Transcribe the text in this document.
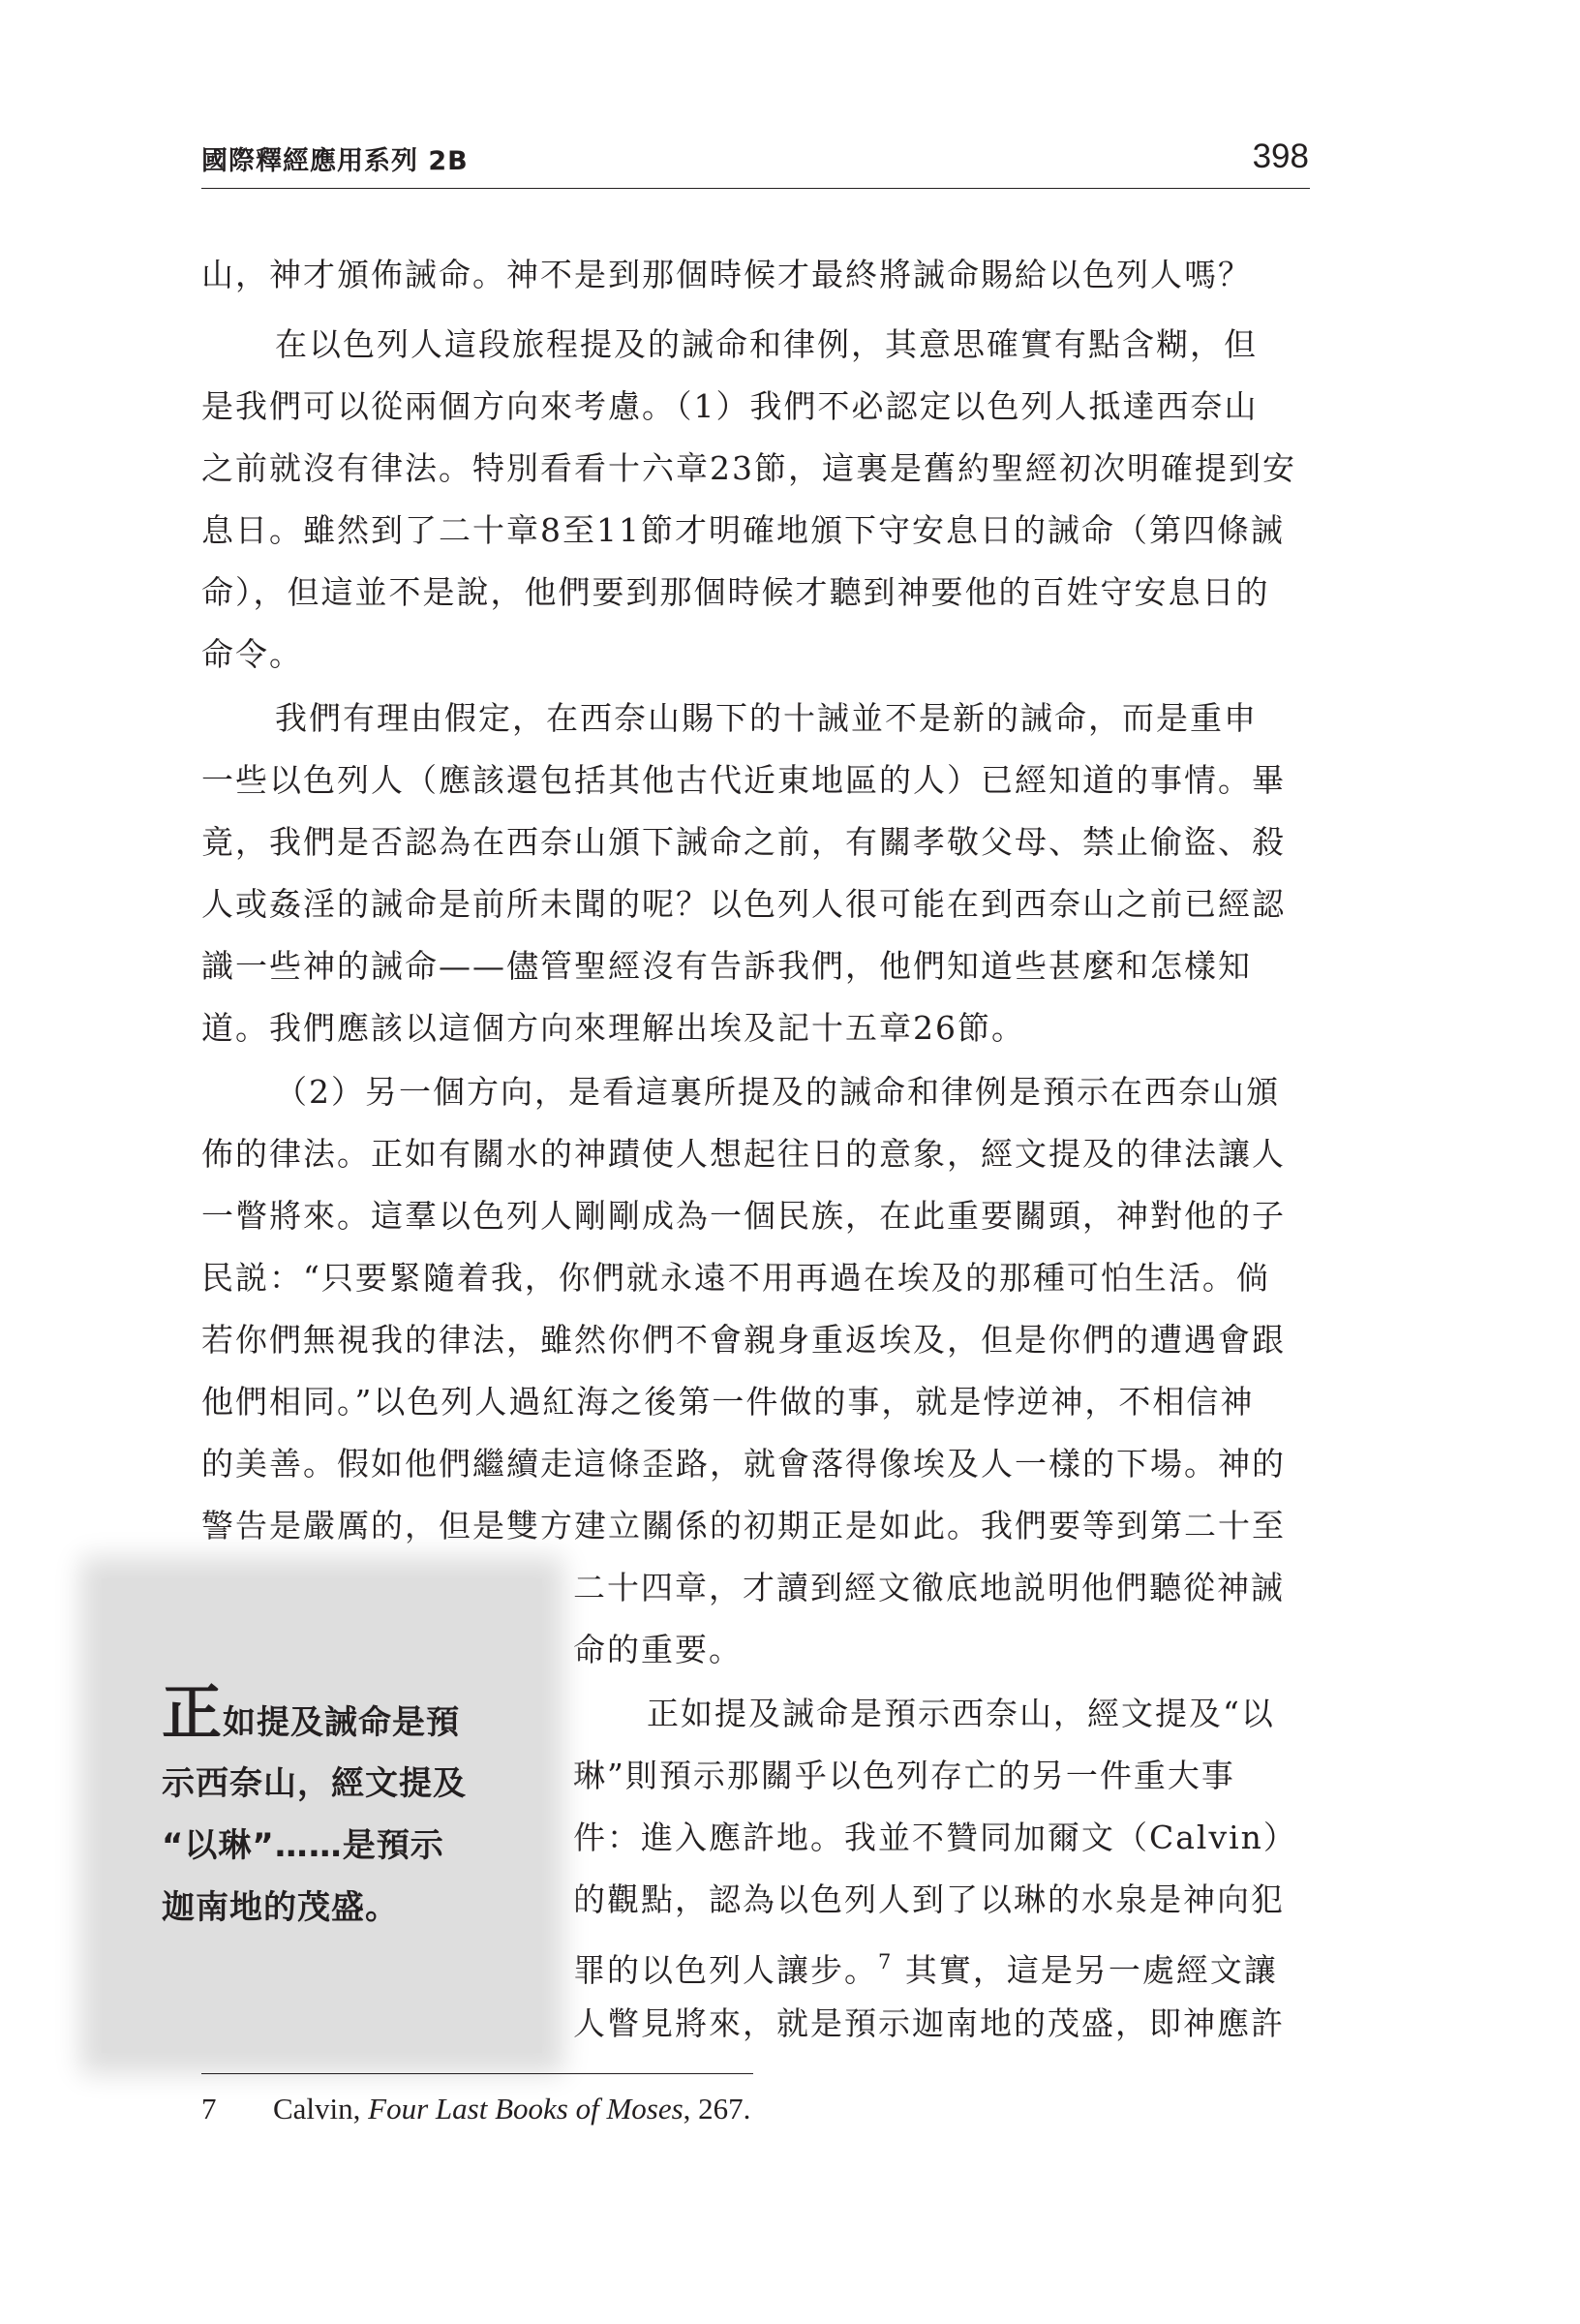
國際釋經應用系列 2B	398
山，神才頒佈誡命。神不是到那個時候才最終將誡命賜給以色列人嗎？
在以色列人這段旅程提及的誡命和律例，其意思確實有點含糊，但
是我們可以從兩個方向來考慮。（1）我們不必認定以色列人抵達西奈山
之前就沒有律法。特別看看十六章23節，這裏是舊約聖經初次明確提到安
息日。雖然到了二十章8至11節才明確地頒下守安息日的誡命（第四條誡
命），但這並不是說，他們要到那個時候才聽到神要他的百姓守安息日的
命令。
我們有理由假定，在西奈山賜下的十誡並不是新的誡命，而是重申
一些以色列人（應該還包括其他古代近東地區的人）已經知道的事情。畢
竟，我們是否認為在西奈山頒下誡命之前，有關孝敬父母、禁止偷盜、殺
人或姦淫的誡命是前所未聞的呢？以色列人很可能在到西奈山之前已經認
識一些神的誡命——儘管聖經沒有告訴我們，他們知道些甚麼和怎樣知
道。我們應該以這個方向來理解出埃及記十五章26節。
（2）另一個方向，是看這裏所提及的誡命和律例是預示在西奈山頒
佈的律法。正如有關水的神蹟使人想起往日的意象，經文提及的律法讓人
一瞥將來。這羣以色列人剛剛成為一個民族，在此重要關頭，神對他的子
民説：“只要緊隨着我，你們就永遠不用再過在埃及的那種可怕生活。倘
若你們無視我的律法，雖然你們不會親身重返埃及，但是你們的遭遇會跟
他們相同。”以色列人過紅海之後第一件做的事，就是悖逆神，不相信神
的美善。假如他們繼續走這條歪路，就會落得像埃及人一樣的下場。神的
警告是嚴厲的，但是雙方建立關係的初期正是如此。我們要等到第二十至
二十四章，才讀到經文徹底地説明他們聽從神誡
命的重要。
正如提及誡命是預示西奈山，經文提及“以
琳”則預示那關乎以色列存亡的另一件重大事
件：進入應許地。我並不贊同加爾文（Calvin）
的觀點，認為以色列人到了以琳的水泉是神向犯
罪的以色列人讓步。$^7$ 其實，這是另一處經文讓
人瞥見將來，就是預示迦南地的茂盛，即神應許
正如提及誡命是預
示西奈山，經文提及
“以琳”……是預示
迦南地的茂盛。
7 Calvin, Four Last Books of Moses, 267.
